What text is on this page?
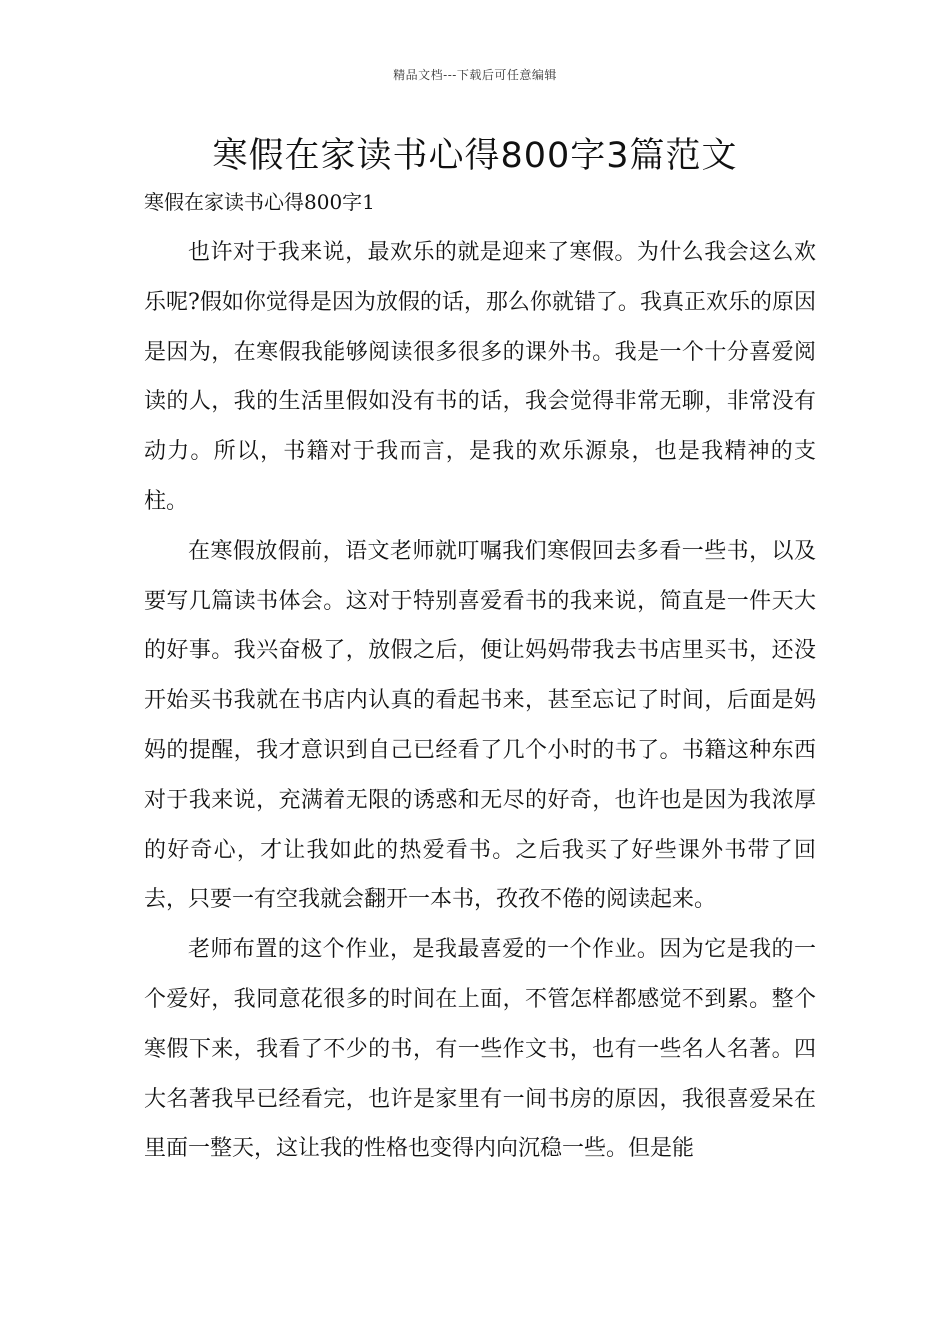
精品文档---下载后可任意编辑
寒假在家读书心得800字3篇范文
寒假在家读书心得800字1

也许对于我来说，最欢乐的就是迎来了寒假。为什么我会这么欢乐呢?假如你觉得是因为放假的话，那么你就错了。我真正欢乐的原因是因为，在寒假我能够阅读很多很多的课外书。我是一个十分喜爱阅读的人，我的生活里假如没有书的话，我会觉得非常无聊，非常没有动力。所以，书籍对于我而言，是我的欢乐源泉，也是我精神的支柱。

在寒假放假前，语文老师就叮嘱我们寒假回去多看一些书，以及要写几篇读书体会。这对于特别喜爱看书的我来说，简直是一件天大的好事。我兴奋极了，放假之后，便让妈妈带我去书店里买书，还没开始买书我就在书店内认真的看起书来，甚至忘记了时间，后面是妈妈的提醒，我才意识到自己已经看了几个小时的书了。书籍这种东西对于我来说，充满着无限的诱惑和无尽的好奇，也许也是因为我浓厚的好奇心，才让我如此的热爱看书。之后我买了好些课外书带了回去，只要一有空我就会翻开一本书，孜孜不倦的阅读起来。

老师布置的这个作业，是我最喜爱的一个作业。因为它是我的一个爱好，我同意花很多的时间在上面，不管怎样都感觉不到累。整个寒假下来，我看了不少的书，有一些作文书，也有一些名人名著。四大名著我早已经看完，也许是家里有一间书房的原因，我很喜爱呆在里面一整天，这让我的性格也变得内向沉稳一些。但是能
